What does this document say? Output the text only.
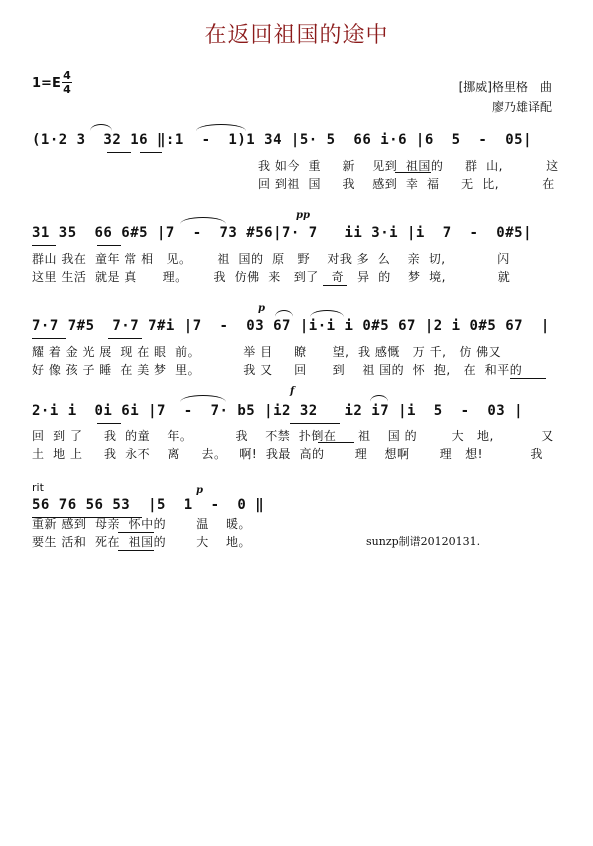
在返回祖国的途中
1=E
4
4	[挪威]格里格　曲
廖乃雄译配
(1·2 3  32 16 ‖:1  -  1)1 34 |5· 5  66 i·6 |6  5  -  05|
我 如今  重     新    见到  祖国的     群  山,          这
回 到祖  国     我    感到  幸  福     无  比,          在
pp
31 35  66 6#5 |7  -  73 #56|7· 7   ii 3·i |i  7  -  0#5|
群山 我在  童年 常 相   见。      祖  国的  原   野    对我 多  么    亲  切,            闪
这里 生活  就是 真      理。      我  仿佛  来   到了   奇   异  的    梦  境,            就
p
7·7 7#5  7·7 7#i |7  -  03 67 |i·i i 0#5 67 |2 i 0#5 67  |
耀 着 金 光 展  现 在 眼  前。          举 目     瞭      望,  我 感慨   万 千,   仿 佛又
好 像 孩 子 睡  在 美 梦  里。          我 又     回      到    祖 国的  怀  抱,   在  和平的
f
2·i i  0i 6i |7  -  7· b5 |i2 32   i2 i7 |i  5  -  03 |
回  到 了     我  的童    年。          我    不禁  扑倒在     祖    国 的        大   地,           又
土  地 上     我  永不    离     去。   啊!  我最  高的       理    想啊       理   想!           我
rit	p
56 76 56 53  |5  1  -  0 ‖
重新 感到  母亲  怀中的       温    暖。
要生 活和  死在  祖国的       大    地。	sunzp制谱20120131.
